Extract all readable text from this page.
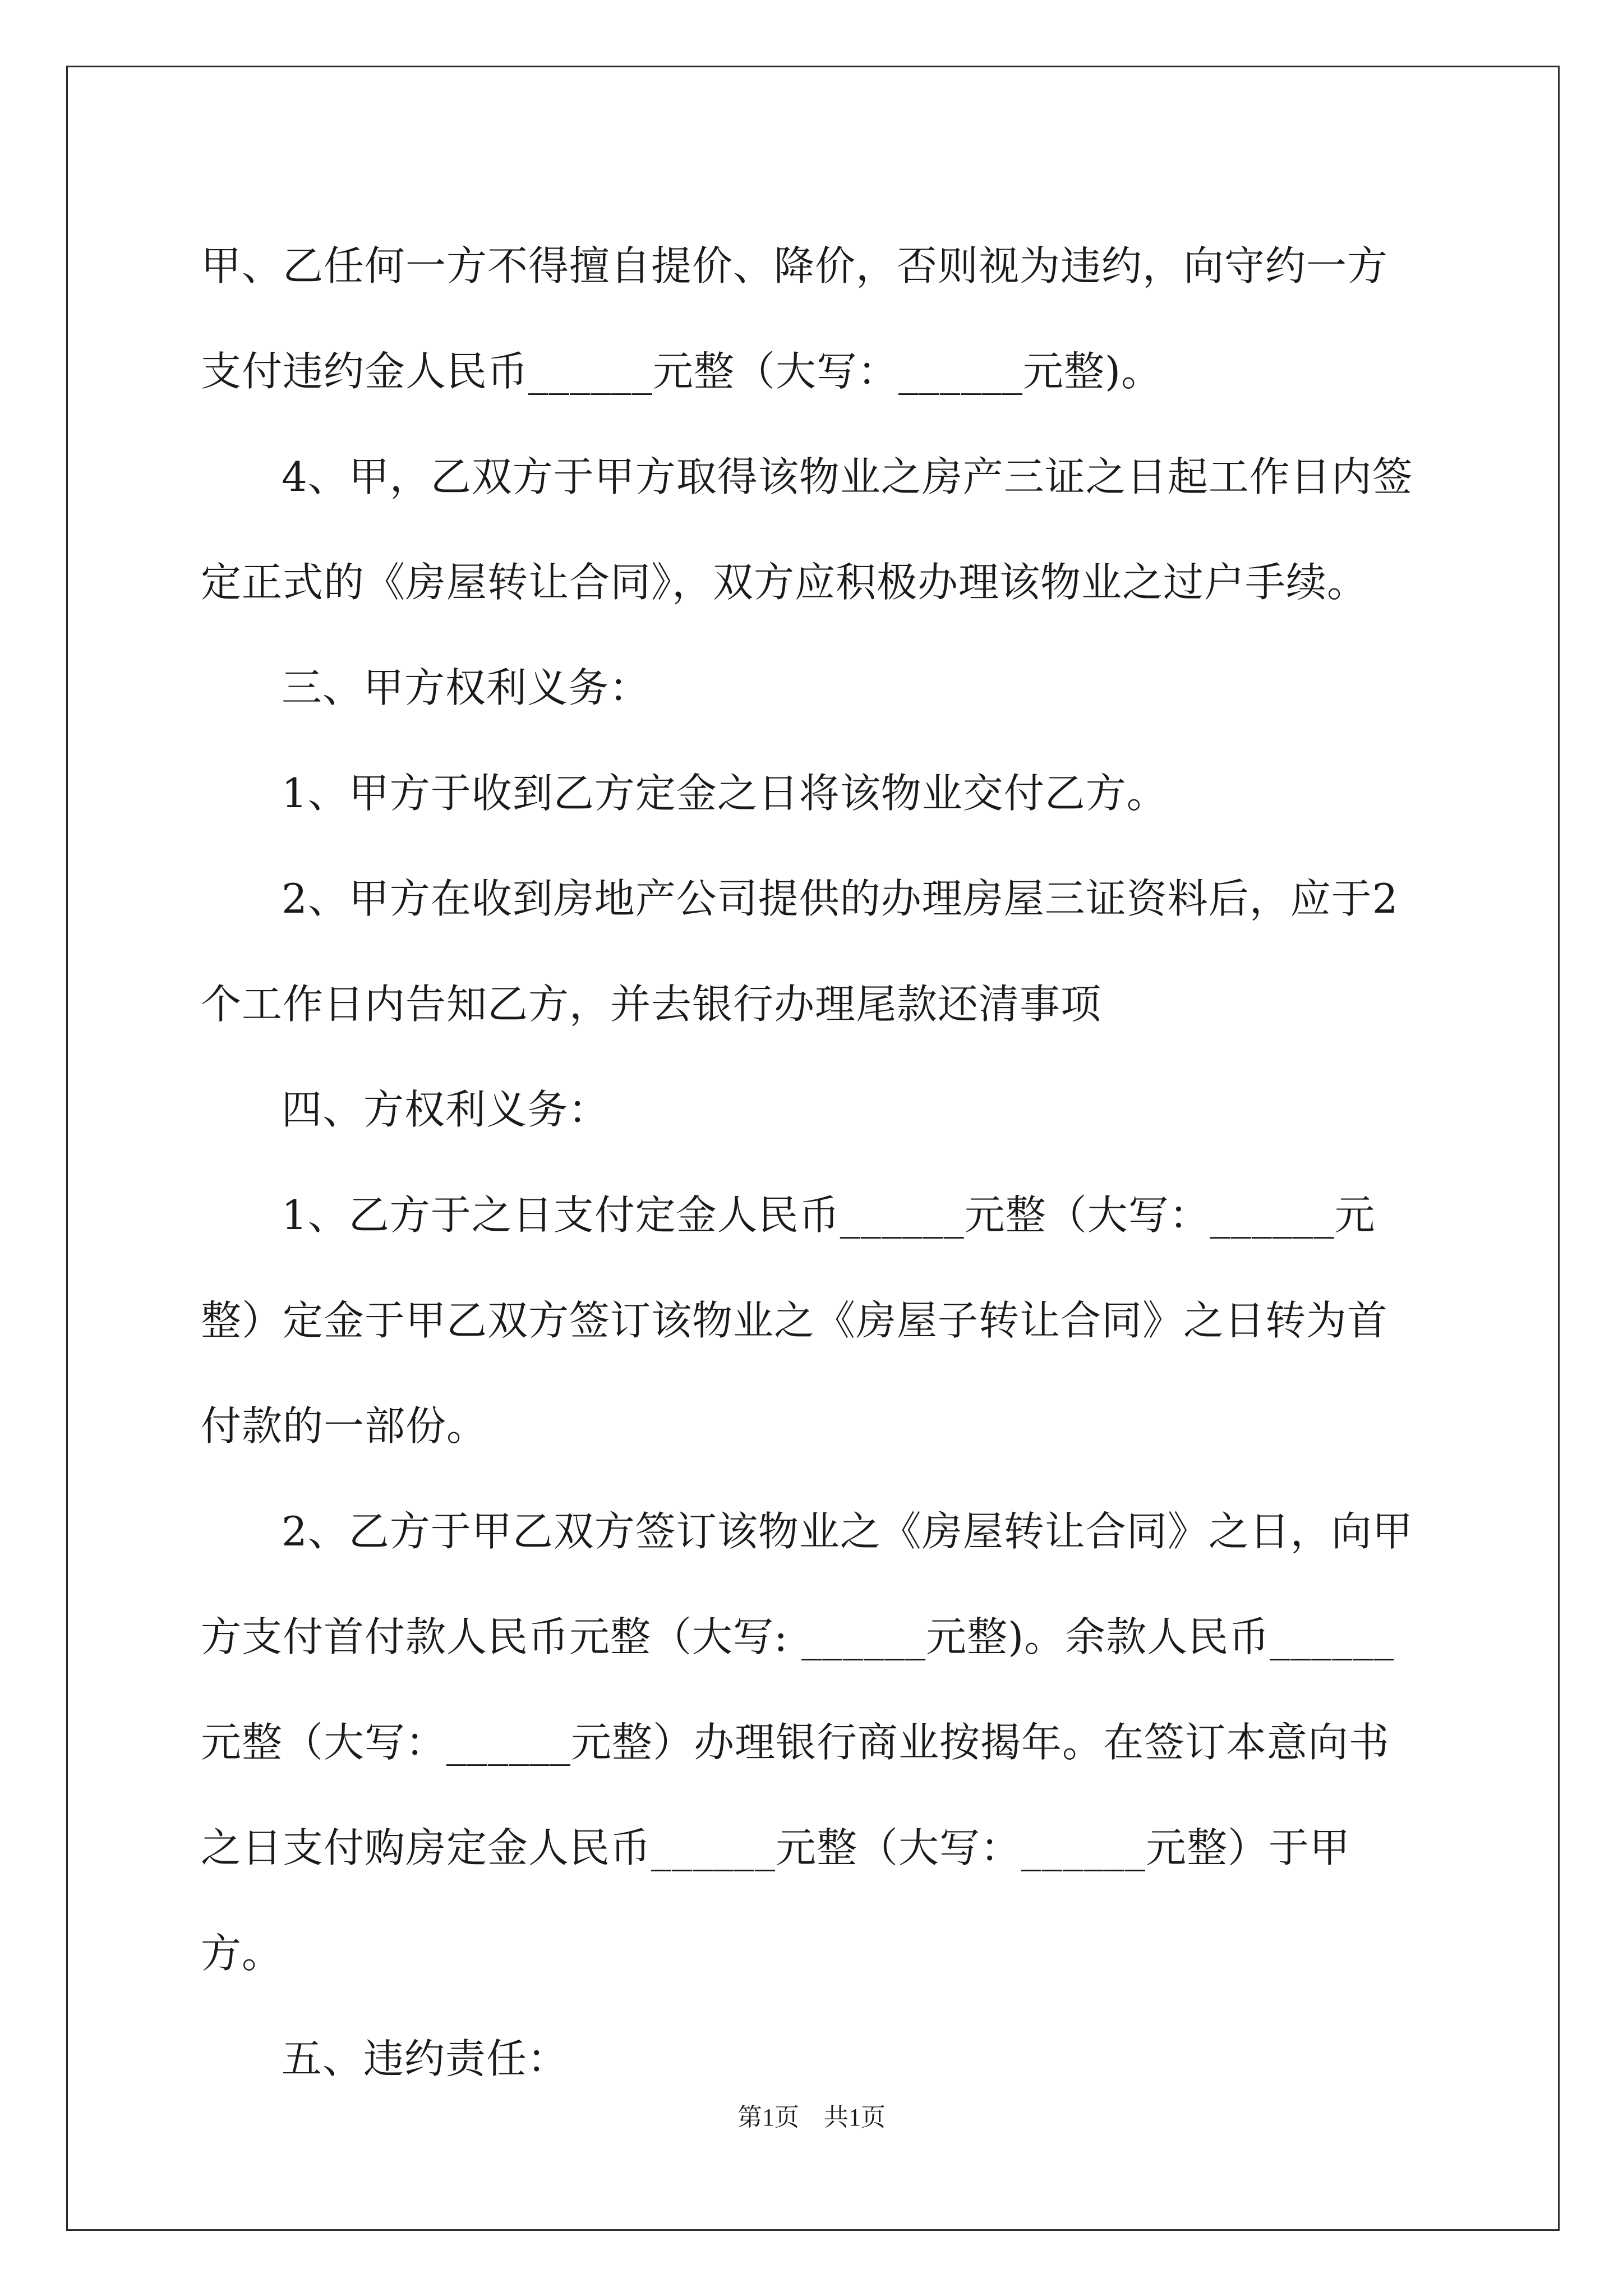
甲、乙任何一方不得擅自提价、降价，否则视为违约，向守约一方支付违约金人民币______元整（大写：______元整)。

4、甲，乙双方于甲方取得该物业之房产三证之日起工作日内签定正式的《房屋转让合同》，双方应积极办理该物业之过户手续。

三、甲方权利义务：

1、甲方于收到乙方定金之日将该物业交付乙方。

2、甲方在收到房地产公司提供的办理房屋三证资料后，应于2个工作日内告知乙方，并去银行办理尾款还清事项

四、方权利义务：

1、乙方于之日支付定金人民币______元整（大写：______元整）定金于甲乙双方签订该物业之《房屋子转让合同》之日转为首付款的一部份。

2、乙方于甲乙双方签订该物业之《房屋转让合同》之日，向甲方支付首付款人民币元整（大写: ______元整)。余款人民币______元整（大写：______元整）办理银行商业按揭年。在签订本意向书之日支付购房定金人民币______元整（大写：______元整）于甲方。

五、违约责任：

第1页　共1页
